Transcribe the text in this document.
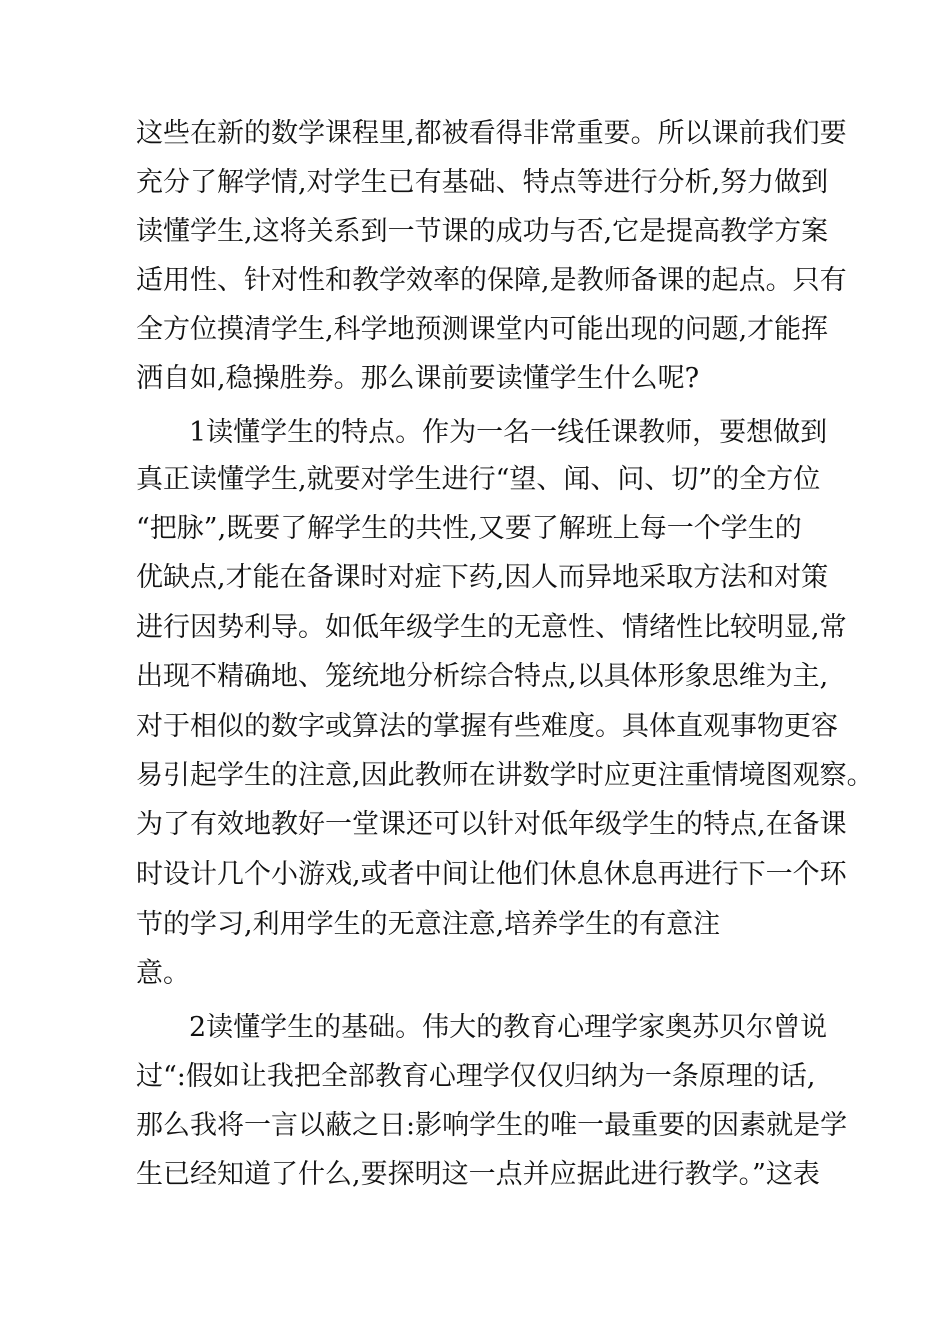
这些在新的数学课程里,都被看得非常重要。所以课前我们要
充分了解学情,对学生已有基础、特点等进行分析,努力做到
读懂学生,这将关系到一节课的成功与否,它是提高教学方案
适用性、针对性和教学效率的保障,是教师备课的起点。只有
全方位摸清学生,科学地预测课堂内可能出现的问题,才能挥
洒自如,稳操胜券。那么课前要读懂学生什么呢?
1读懂学生的特点。作为一名一线任课教师，要想做到
真正读懂学生,就要对学生进行“望、闻、问、切”的全方位
“把脉”,既要了解学生的共性,又要了解班上每一个学生的
优缺点,才能在备课时对症下药,因人而异地采取方法和对策
进行因势利导。如低年级学生的无意性、情绪性比较明显,常
出现不精确地、笼统地分析综合特点,以具体形象思维为主,
对于相似的数字或算法的掌握有些难度。具体直观事物更容
易引起学生的注意,因此教师在讲数学时应更注重情境图观察。
为了有效地教好一堂课还可以针对低年级学生的特点,在备课
时设计几个小游戏,或者中间让他们休息休息再进行下一个环
节的学习,利用学生的无意注意,培养学生的有意注
意。
2读懂学生的基础。伟大的教育心理学家奥苏贝尔曾说
过“:假如让我把全部教育心理学仅仅归纳为一条原理的话,
那么我将一言以蔽之日:影响学生的唯一最重要的因素就是学
生已经知道了什么,要探明这一点并应据此进行教学。”这表
